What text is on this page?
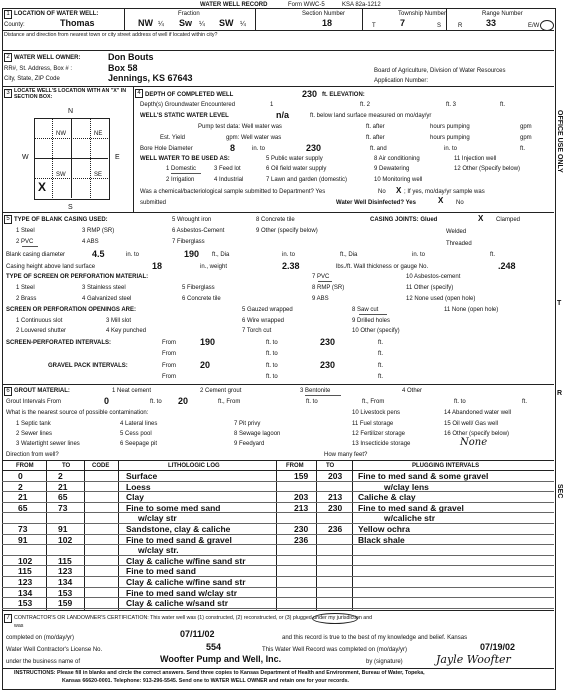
WATER WELL RECORD	Form WWC-5	KSA 82a-1212
1 LOCATION OF WATER WELL:
County:	Thomas
Fraction
NW ¼ Sw ¼ SW ¼
Section Number
18
Township Number
T	7	S
Range Number
R	33	E/W
Distance and direction from nearest town or city street address of well if located within city?
2 WATER WELL OWNER:	Don Bouts
RR#, St. Address, Box # :	Box 58
City, State, ZIP Code	Jennings, KS 67643
Board of Agriculture, Division of Water Resources
Application Number:
3 LOCATE WELL'S LOCATION WITH AN "X" IN SECTION BOX:
N
S
W	E
NW	NE
SW	SE
X
4 DEPTH OF COMPLETED WELL	230 ft. ELEVATION:
Depth(s) Groundwater Encountered	1	ft. 2	ft. 3	ft.
WELL'S STATIC WATER LEVEL	n/a	ft. below land surface measured on mo/day/yr
Pump test data: Well water was	ft. after	hours pumping	gpm
Est. Yield	gpm: Well water was	ft. after	hours pumping	gpm
Bore Hole Diameter	8	in. to	230	ft. and	in. to	ft.
WELL WATER TO BE USED AS:	5 Public water supply	8 Air conditioning	11 Injection well
1 Domestic	3 Feed lot	6 Oil field water supply	9 Dewatering	12 Other (Specify below)
2 Irrigation	4 Industrial	7 Lawn and garden (domestic)	10 Monitoring well
Was a chemical/bacteriological sample submitted to Department? Yes	No X ; If yes, mo/day/yr sample was
submitted	Water Well Disinfected? Yes	X No
5 TYPE OF BLANK CASING USED:	5 Wrought iron	8 Concrete tile
1 Steel	3 RMP (SR)	6 Asbestos-Cement	9 Other (specify below)
2 PVC	4 ABS	7 Fiberglass
CASING JOINTS: Glued	X Clamped
Welded
Threaded
Blank casing diameter	4.5	in. to	190 ft., Dia	in. to	ft., Dia	in. to	ft.
Casing height above land surface	18	in., weight	2.38	lbs./ft. Wall thickness or gauge No.	.248
TYPE OF SCREEN OR PERFORATION MATERIAL:	7 PVC	10 Asbestos-cement
1 Steel	3 Stainless steel	5 Fiberglass	8 RMP (SR)	11 Other (specify)
2 Brass	4 Galvanized steel	6 Concrete tile	9 ABS	12 None used (open hole)
SCREEN OR PERFORATION OPENINGS ARE:	5 Gauzed wrapped	8 Saw cut	11 None (open hole)
1 Continuous slot	3 Mill slot	6 Wire wrapped	9 Drilled holes
2 Louvered shutter	4 Key punched	7 Torch cut	10 Other (specify)
SCREEN-PERFORATED INTERVALS:	From	190	ft. to	230	ft.
From	ft. to	ft.
GRAVEL PACK INTERVALS:	From	20	ft. to	230	ft.
From	ft. to	ft.
6 GROUT MATERIAL:	1 Neat cement	2 Cement grout	3 Bentonite	4 Other
Grout Intervals From	0	ft. to 20	ft., From	ft. to	ft., From	ft. to	ft.
What is the nearest source of possible contamination:	10 Livestock pens	14 Abandoned water well
1 Septic tank	4 Lateral lines	7 Pit privy	11 Fuel storage	15 Oil well/ Gas well
2 Sewer lines	5 Cess pool	8 Sewage lagoon	12 Fertilizer storage	16 Other (specify below)
3 Watertight sewer lines	6 Seepage pit	9 Feedyard	13 Insecticide storage	None
Direction from well?	How many feet?
FROM	TO	CODE	LITHOLOGIC LOG	FROM	TO	PLUGGING INTERVALS
0	2	Surface
2	21	Loess
21	65	Clay
65	73	Fine to some med sand
w/clay str
73	91	Sandstone, clay & caliche
91	102	Fine to med sand & gravel
w/clay str.
102	115	Clay & caliche w/fine sand str
115	123	Fine to med sand
123	134	Clay & caliche w/fine sand str
134	153	Fine to med sand w/clay str
153	159	Clay & caliche w/sand str
159 203 Fine to med sand & some gravel
w/clay lens
203 213 Caliche & clay
213 230 Fine to med sand & gravel
w/caliche str
230 236 Yellow ochra
236	Black shale
7 CONTRACTOR'S OR LANDOWNER'S CERTIFICATION: This water well was (1) constructed, (2) reconstructed, or (3) plugged under my jurisdiction and
was
completed on (mo/day/yr)	07/11/02	and this record is true to the best of my knowledge and belief. Kansas
Water Well Contractor's License No.	554	This Water Well Record was completed on (mo/day/yr)	07/19/02
under the business name of	Woofter Pump and Well, Inc.	by (signature)	Jayle Woofter
INSTRUCTIONS: Please fill in blanks and circle the correct answers. Send three copies to Kansas Department of Health and Environment, Bureau of Water, Topeka,
Kansas 66620-0001. Telephone: 913-296-5545. Send one to WATER WELL OWNER and retain one for your records.
OFFICE USE ONLY
T
R
SEC
